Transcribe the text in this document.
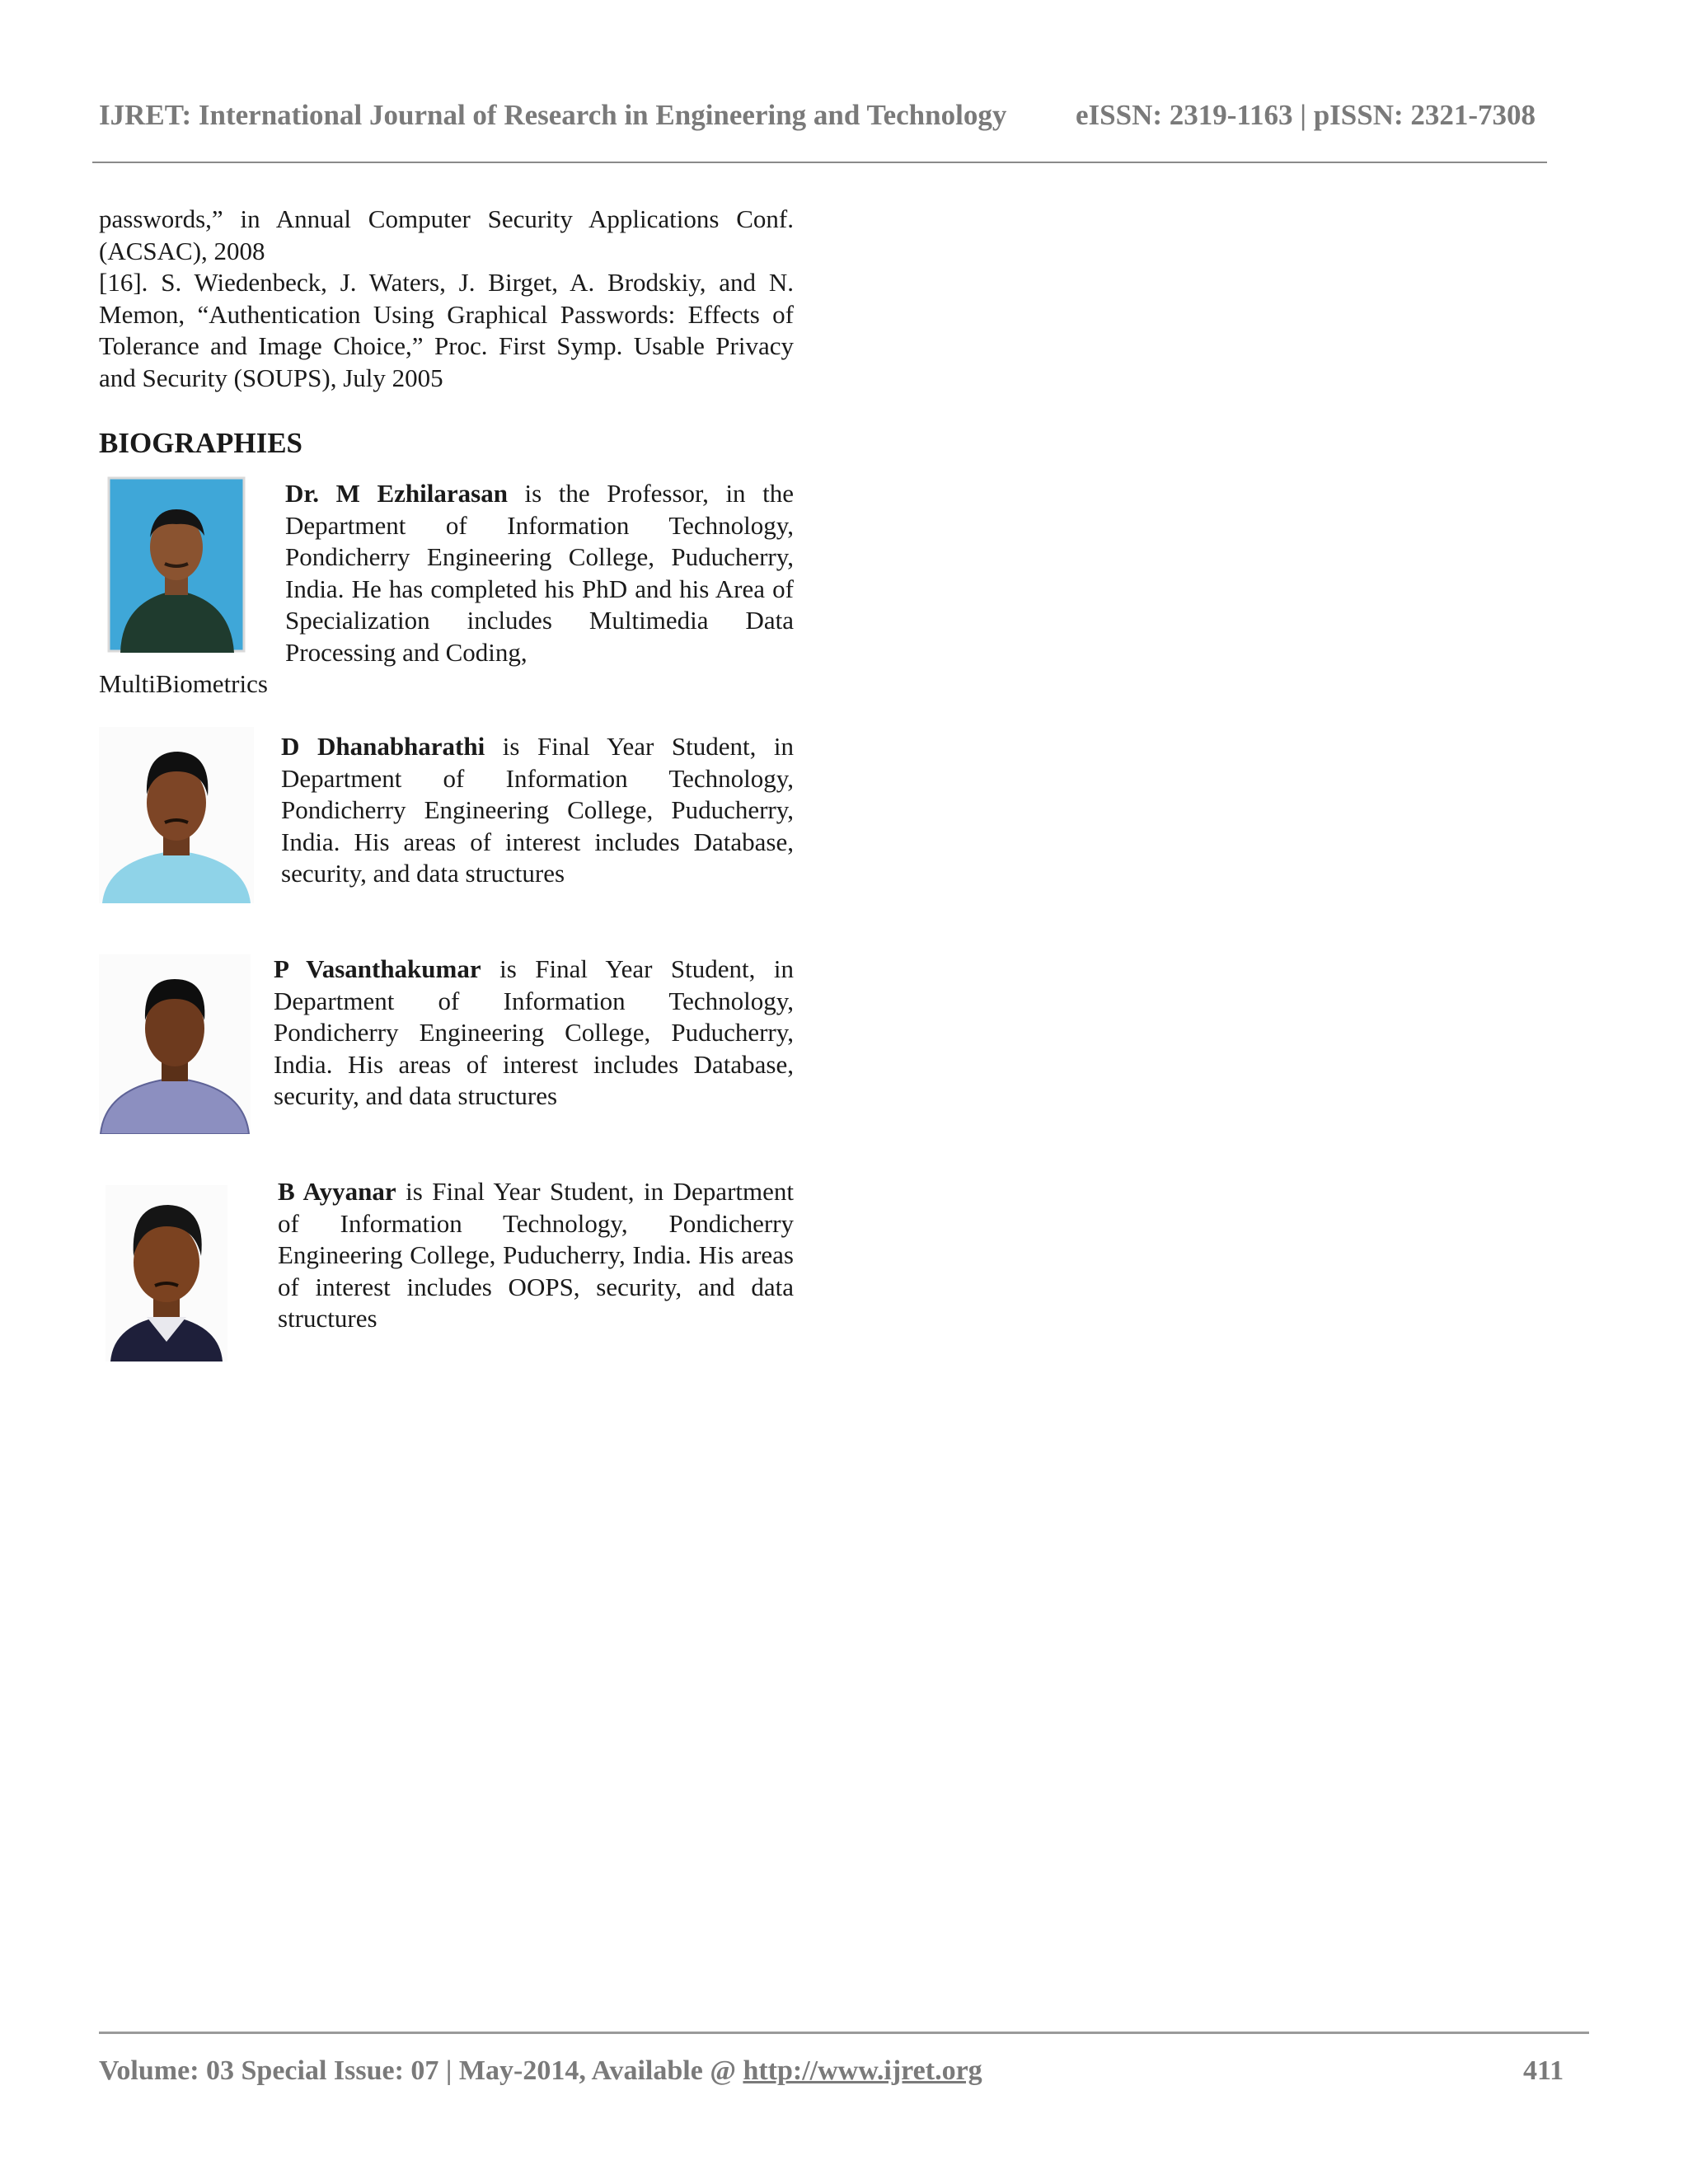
IJRET: International Journal of Research in Engineering and Technology eISSN: 2319-1163 | pISSN: 2321-7308

passwords,” in Annual Computer Security Applications Conf. (ACSAC), 2008

[16]. S. Wiedenbeck, J. Waters, J. Birget, A. Brodskiy, and N. Memon, “Authentication Using Graphical Passwords: Effects of Tolerance and Image Choice,” Proc. First Symp. Usable Privacy and Security (SOUPS), July 2005

BIOGRAPHIES

Dr. M Ezhilarasan is the Professor, in the Department of Information Technology, Pondicherry Engineering College, Puducherry, India. He has completed his PhD and his Area of Specialization includes Multimedia Data Processing and Coding,

MultiBiometrics

D Dhanabharathi is Final Year Student, in Department of Information Technology, Pondicherry Engineering College, Puducherry, India. His areas of interest includes Database, security, and data structures

P Vasanthakumar is Final Year Student, in Department of Information Technology, Pondicherry Engineering College, Puducherry, India. His areas of interest includes Database, security, and data structures

B Ayyanar is Final Year Student, in Department of Information Technology, Pondicherry Engineering College, Puducherry, India. His areas of interest includes OOPS, security, and data structures

Volume: 03 Special Issue: 07 | May-2014, Available @ http://www.ijret.org	411
